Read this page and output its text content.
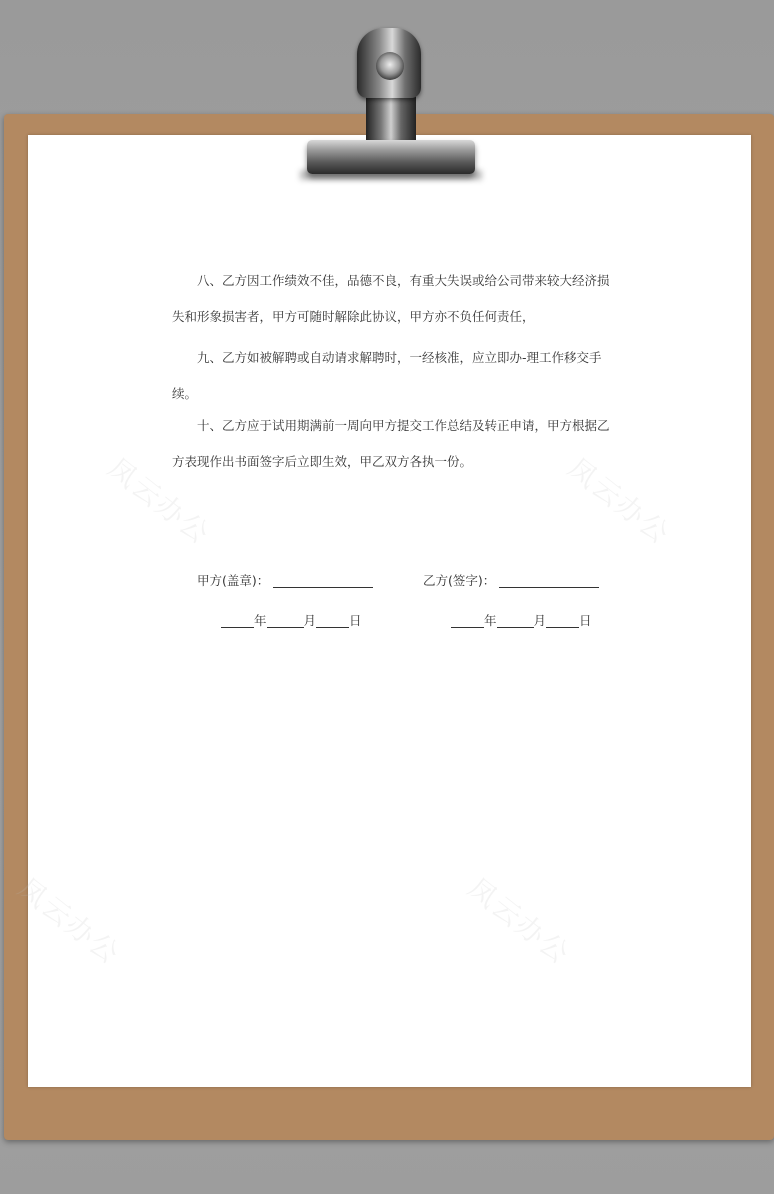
凤云办公	凤云办公
凤云办公	凤云办公

八、乙方因工作绩效不佳，品德不良，有重大失误或给公司带来较大经济损失和形象损害者，甲方可随时解除此协议，甲方亦不负任何责任，

九、乙方如被解聘或自动请求解聘时，一经核准，应立即办-理工作移交手续。

十、乙方应于试用期满前一周向甲方提交工作总结及转正申请，甲方根据乙方表现作出书面签字后立即生效，甲乙双方各执一份。

甲方(盖章)：	乙方(签字)：
年	月	日	年	月	日
